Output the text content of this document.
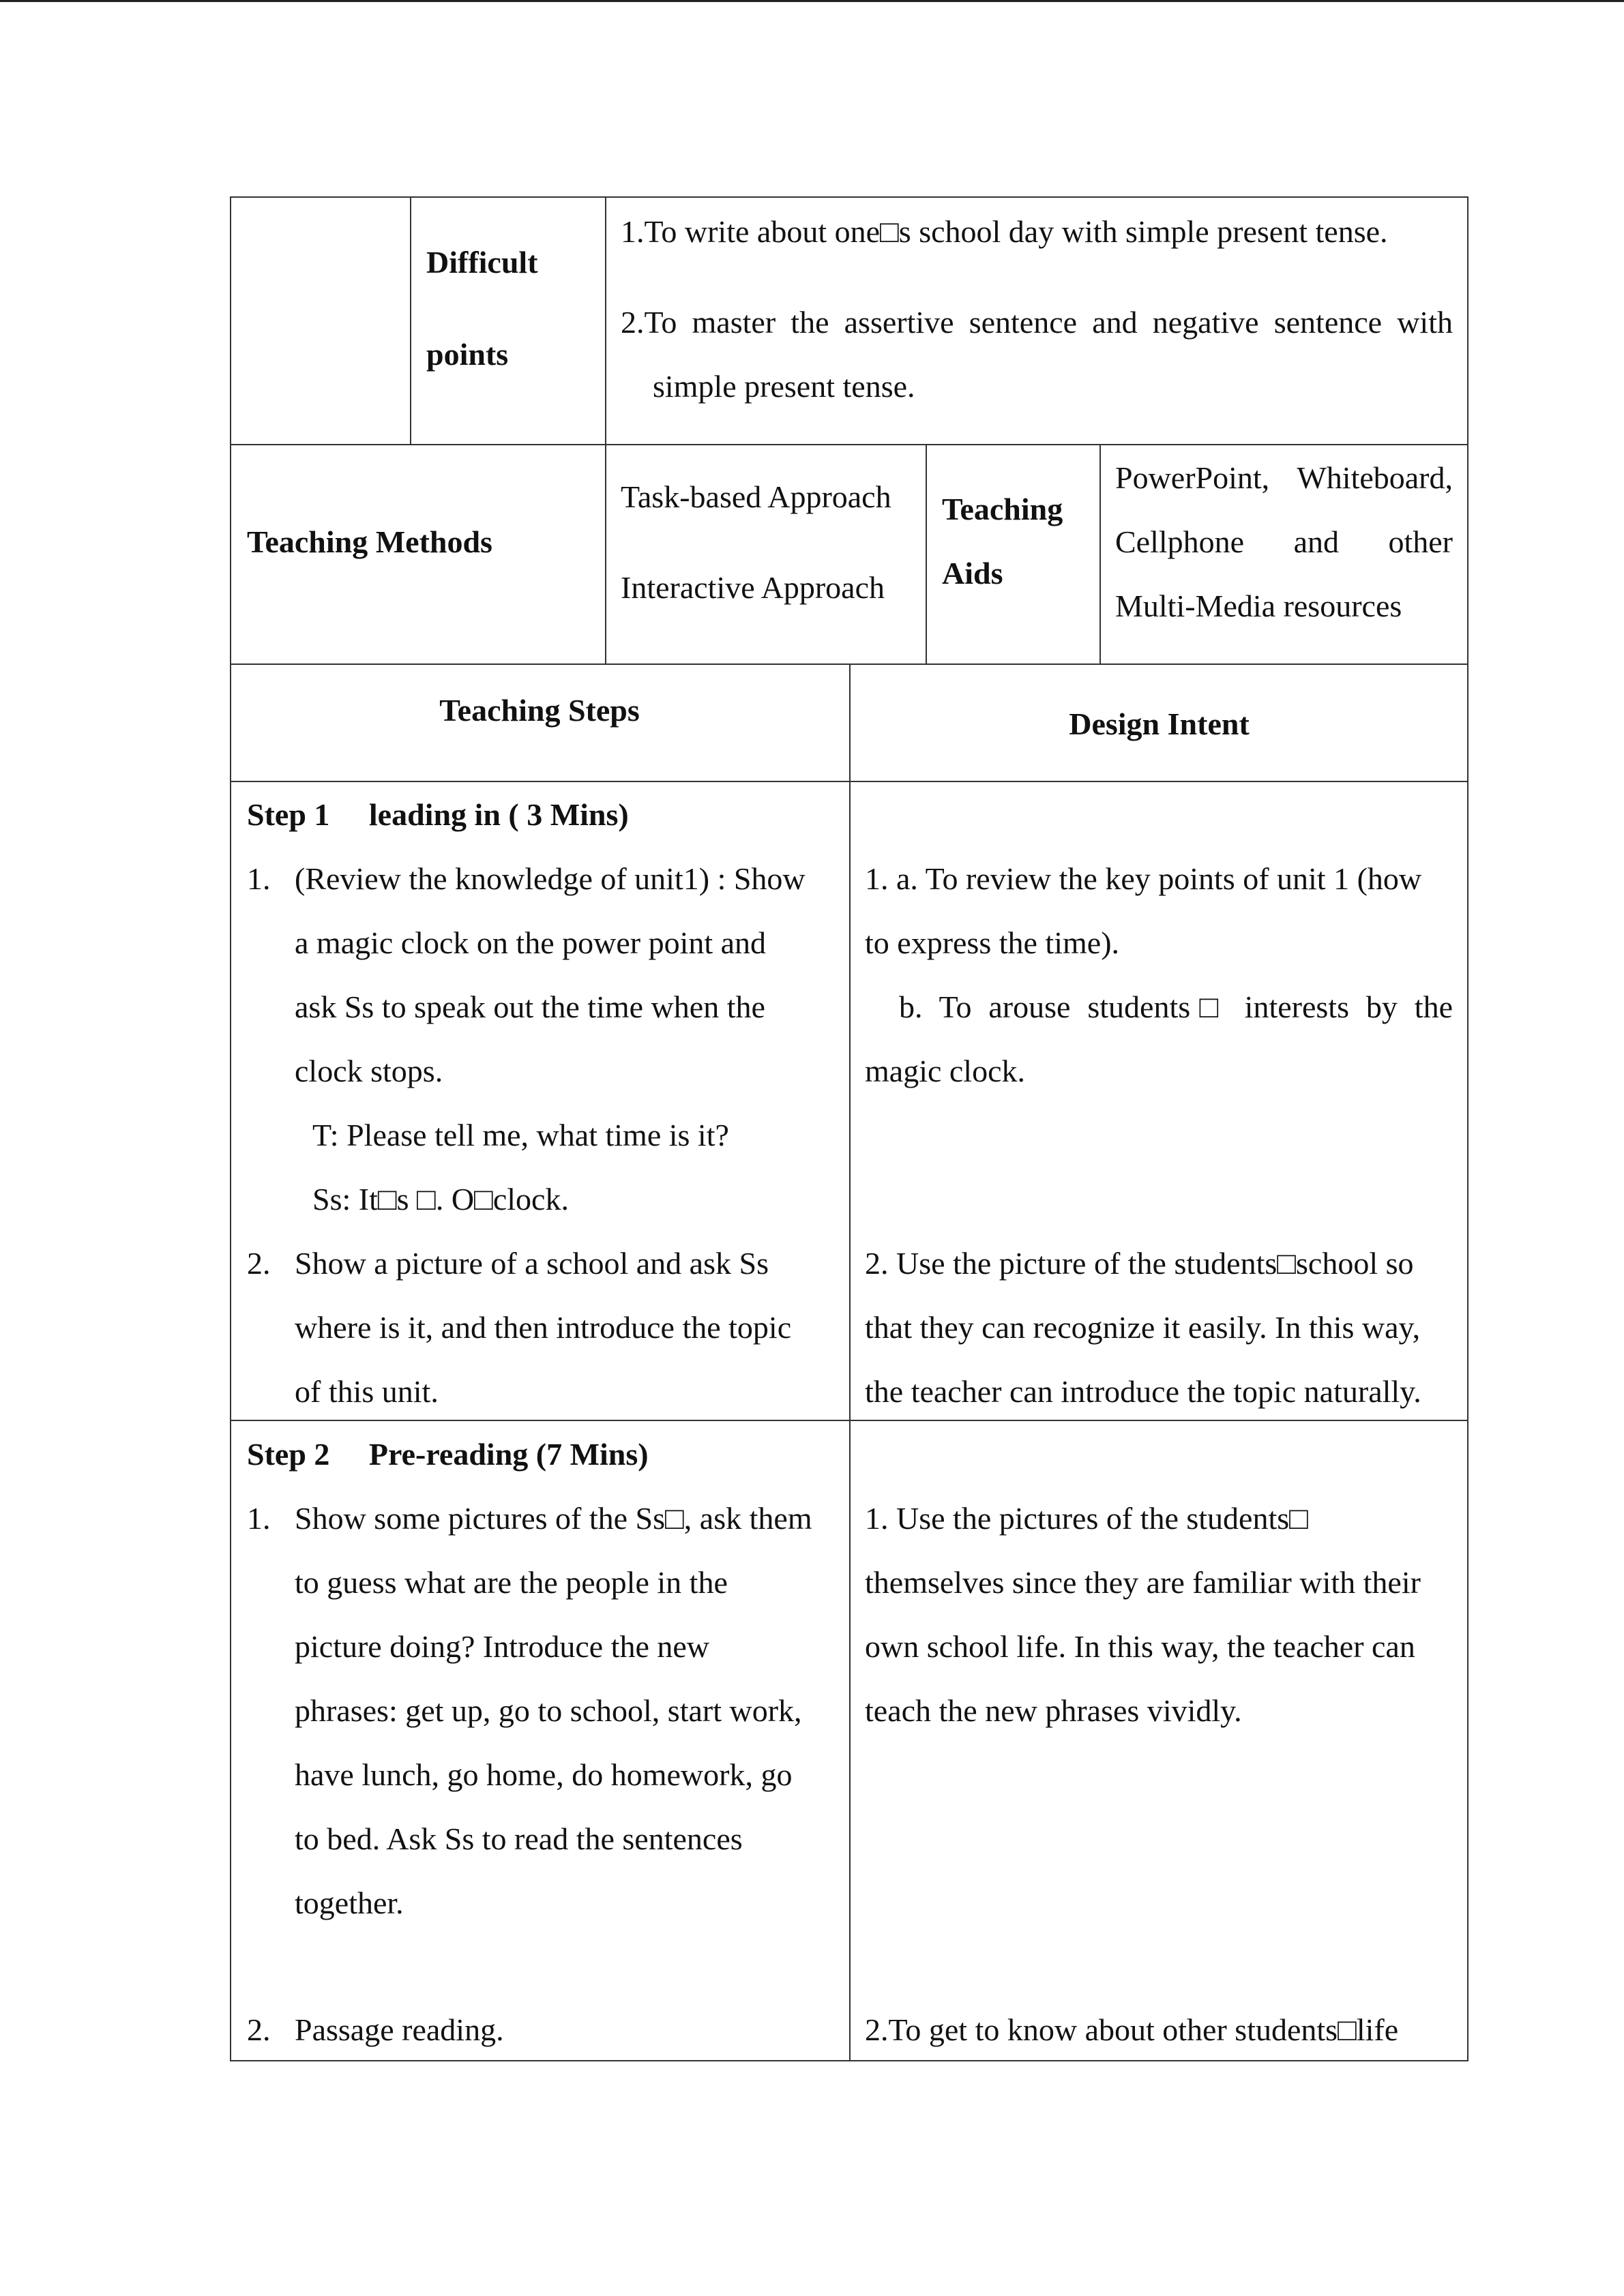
Difficult
points
1.To write about one□s school day with simple present tense.
2.To master the assertive sentence and negative sentence with
simple present tense.
Teaching Methods
Task-based Approach
Interactive Approach
Teaching
Aids
PowerPoint, Whiteboard,
Cellphone and other
Multi-Media resources
Teaching Steps	Design Intent
Step 1  leading in ( 3 Mins)
1. (Review the knowledge of unit1) : Show
a magic clock on the power point and
ask Ss to speak out the time when the
clock stops.
T: Please tell me, what time is it?
Ss: It□s □. O□clock.
2. Show a picture of a school and ask Ss
where is it, and then introduce the topic
of this unit.
1. a. To review the key points of unit 1 (how
to express the time).
b. To arouse students□ interests by the
magic clock.
2. Use the picture of the students□school so
that they can recognize it easily. In this way,
the teacher can introduce the topic naturally.
Step 2  Pre-reading (7 Mins)
1. Show some pictures of the Ss□, ask them
to guess what are the people in the
picture doing? Introduce the new
phrases: get up, go to school, start work,
have lunch, go home, do homework, go
to bed. Ask Ss to read the sentences
together.
2. Passage reading.
1. Use the pictures of the students□
themselves since they are familiar with their
own school life. In this way, the teacher can
teach the new phrases vividly.
2.To get to know about other students□life
